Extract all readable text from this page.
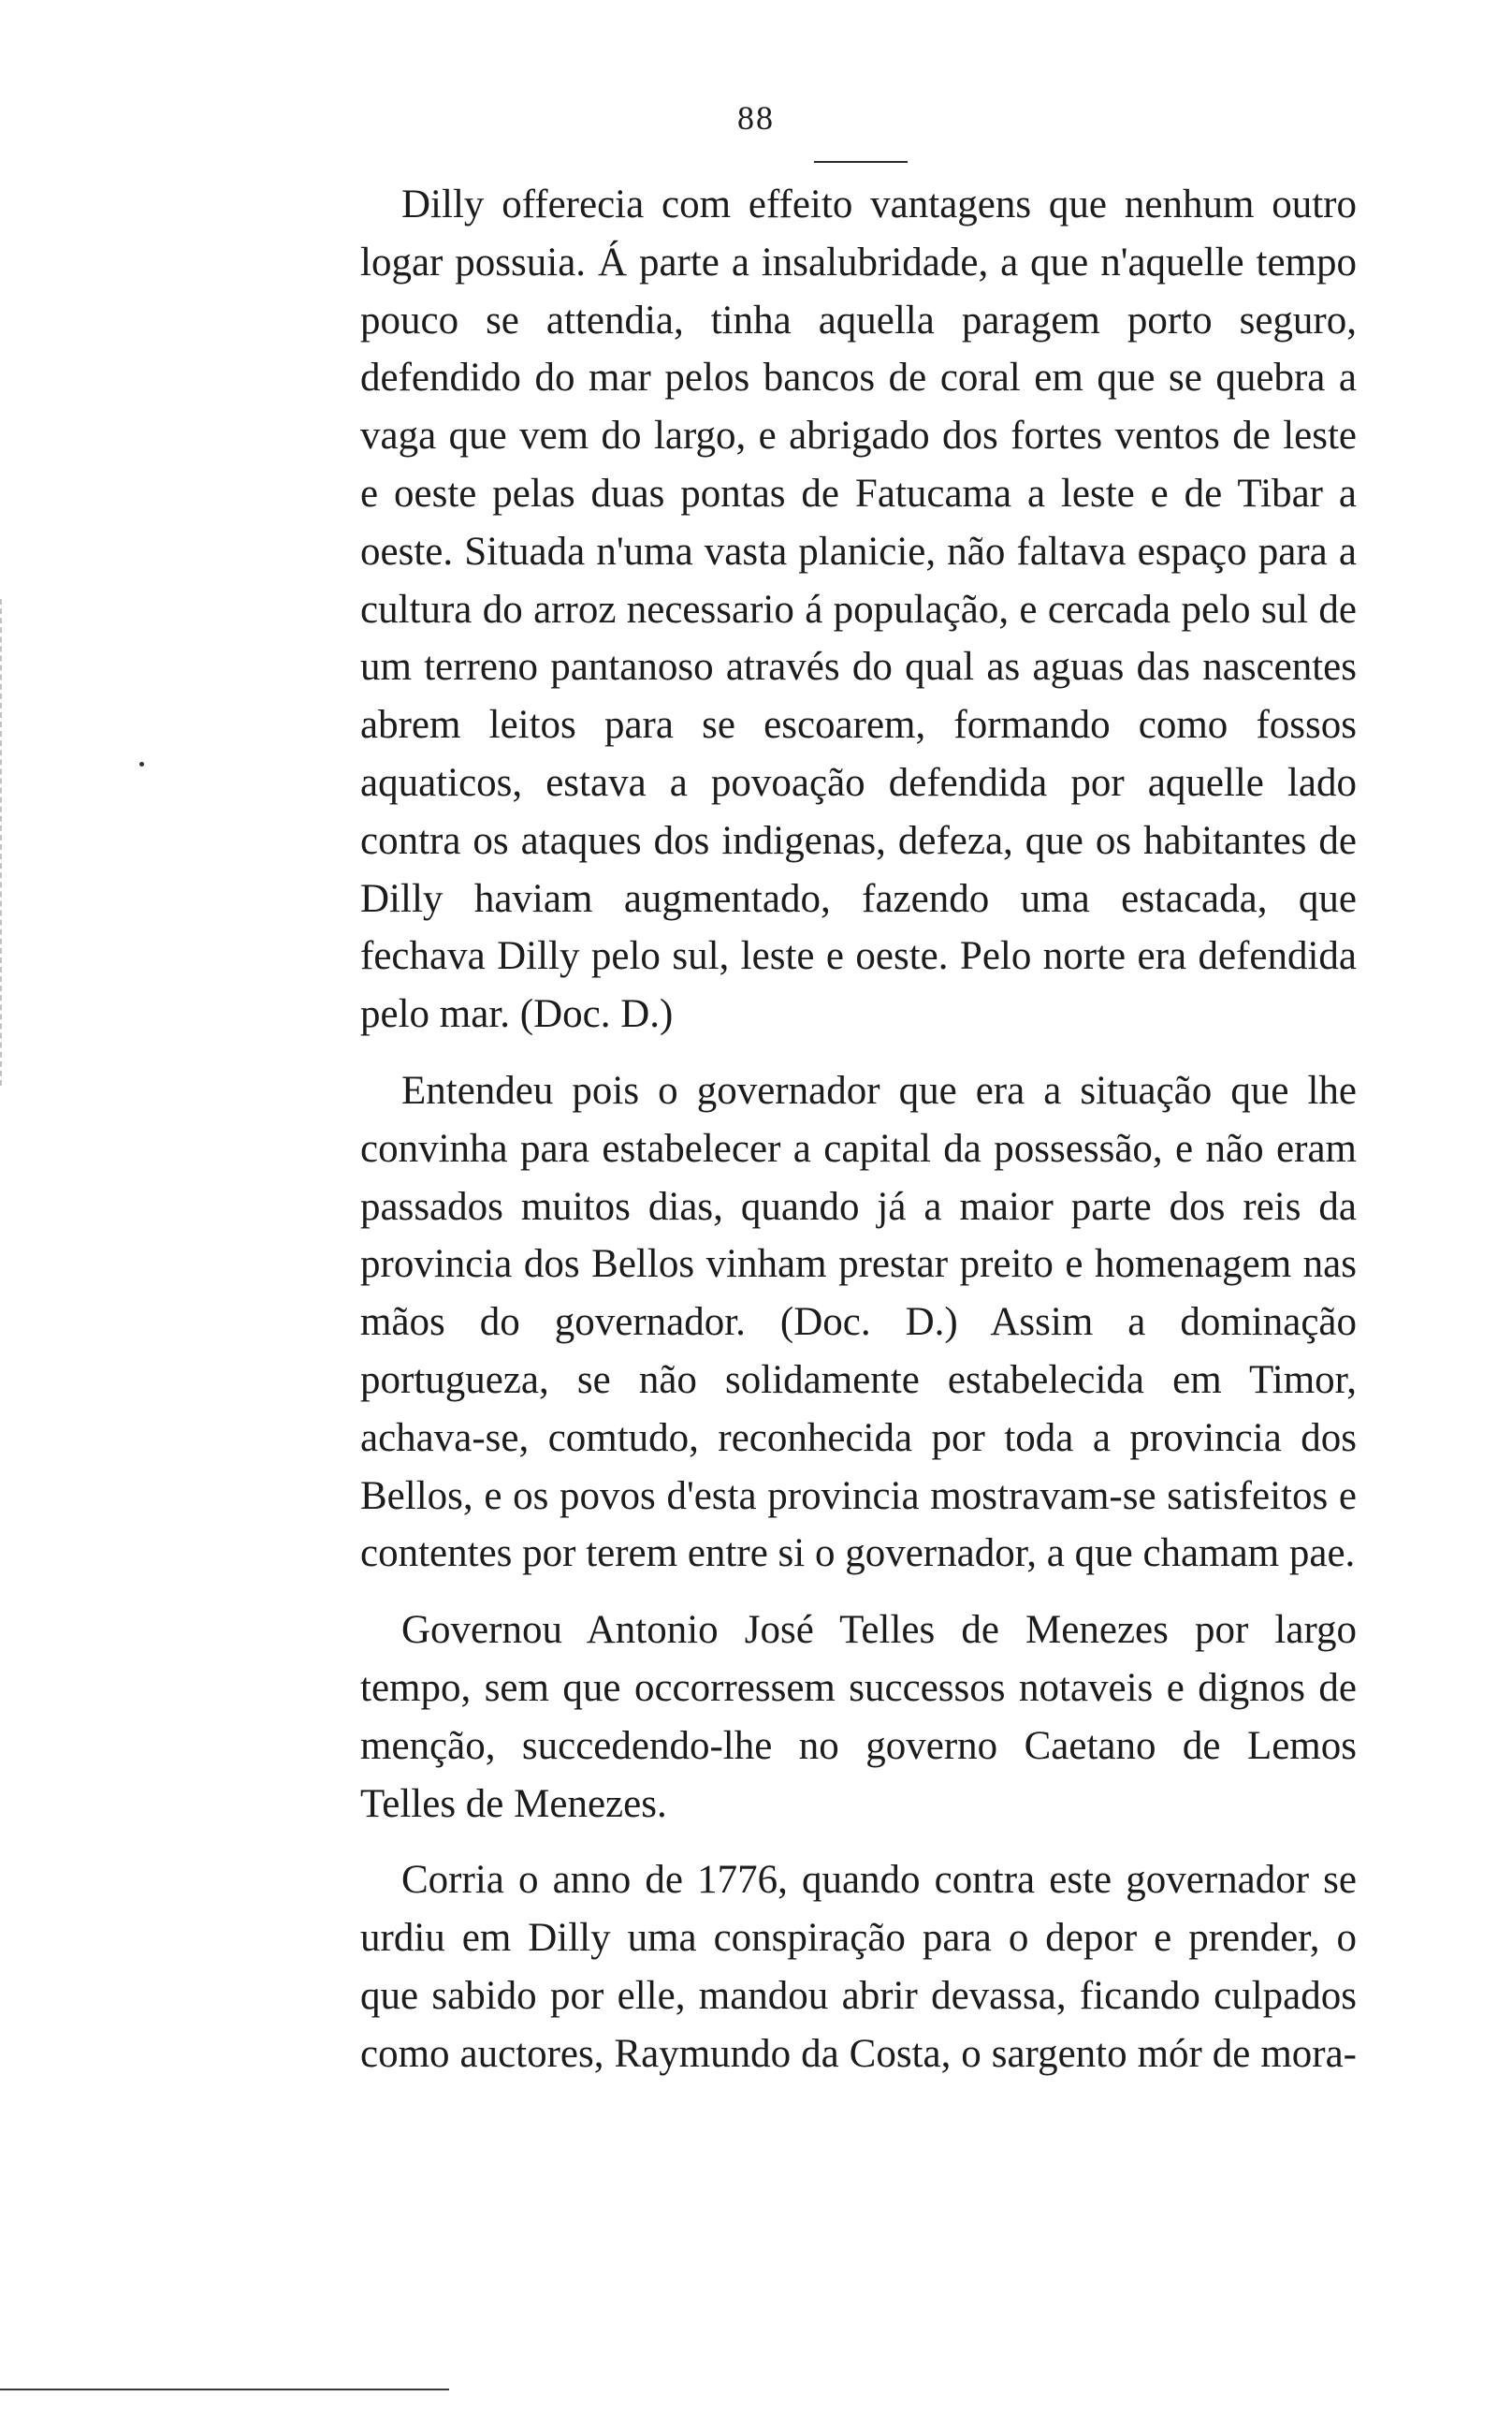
88

Dilly offerecia com effeito vantagens que nenhum outro logar possuia. Á parte a insalubridade, a que n'aquelle tempo pouco se attendia, tinha aquella paragem porto seguro, defendido do mar pelos bancos de coral em que se quebra a vaga que vem do largo, e abrigado dos fortes ventos de leste e oeste pelas duas pontas de Fatucama a leste e de Tibar a oeste. Situada n'uma vasta planicie, não faltava espaço para a cultura do arroz necessario á população, e cercada pelo sul de um terreno pantanoso através do qual as aguas das nascentes abrem leitos para se escoarem, formando como fossos aquaticos, estava a povoação defendida por aquelle lado contra os ataques dos indigenas, defeza, que os habitantes de Dilly haviam augmentado, fazendo uma estacada, que fechava Dilly pelo sul, leste e oeste. Pelo norte era defendida pelo mar. (Doc. D.)

Entendeu pois o governador que era a situação que lhe convinha para estabelecer a capital da possessão, e não eram passados muitos dias, quando já a maior parte dos reis da provincia dos Bellos vinham prestar preito e homenagem nas mãos do governador. (Doc. D.) Assim a dominação portugueza, se não solidamente estabelecida em Timor, achava-se, comtudo, reconhecida por toda a provincia dos Bellos, e os povos d'esta provincia mostravam-se satisfeitos e contentes por terem entre si o governador, a que chamam pae.

Governou Antonio José Telles de Menezes por largo tempo, sem que occorressem successos notaveis e dignos de menção, succedendo-lhe no governo Caetano de Lemos Telles de Menezes.

Corria o anno de 1776, quando contra este governador se urdiu em Dilly uma conspiração para o depor e prender, o que sabido por elle, mandou abrir devassa, ficando culpados como auctores, Raymundo da Costa, o sargento mór de mora-
